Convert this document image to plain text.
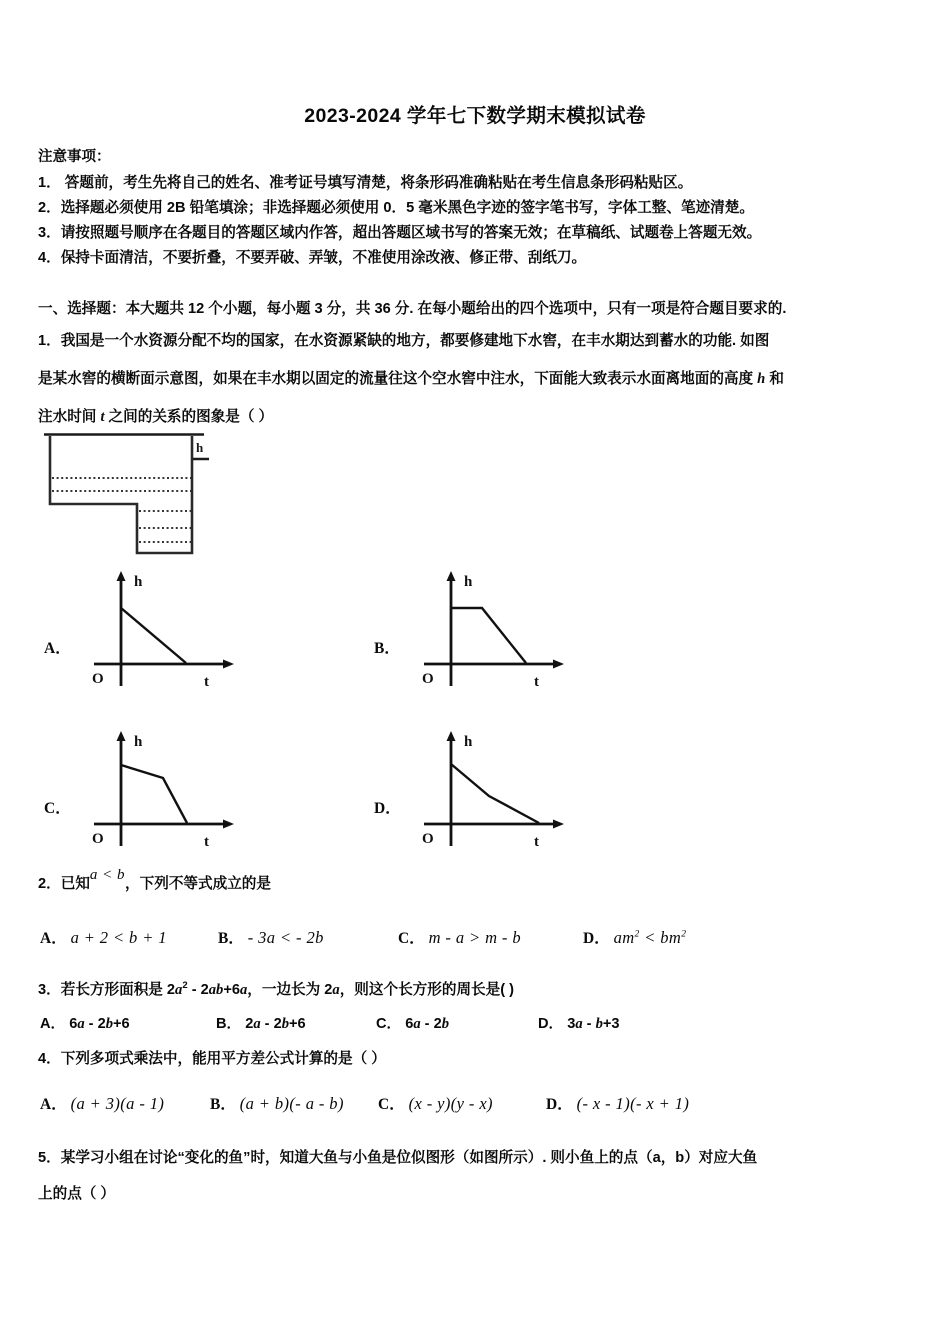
2023-2024 学年七下数学期末模拟试卷
注意事项：
1． 答题前，考生先将自己的姓名、准考证号填写清楚，将条形码准确粘贴在考生信息条形码粘贴区。
2．选择题必须使用 2B 铅笔填涂；非选择题必须使用 0．5 毫米黑色字迹的签字笔书写，字体工整、笔迹清楚。
3．请按照题号顺序在各题目的答题区域内作答，超出答题区域书写的答案无效；在草稿纸、试题卷上答题无效。
4．保持卡面清洁，不要折叠，不要弄破、弄皱，不准使用涂改液、修正带、刮纸刀。
一、选择题：本大题共 12 个小题，每小题 3 分，共 36 分. 在每小题给出的四个选项中，只有一项是符合题目要求的.
1．我国是一个水资源分配不均的国家，在水资源紧缺的地方，都要修建地下水窖，在丰水期达到蓄水的功能. 如图
是某水窖的横断面示意图，如果在丰水期以固定的流量往这个空水窖中注水，下面能大致表示水面离地面的高度 h 和
注水时间 t 之间的关系的图象是（ ）
h
A．
h
O	t
B．
h
O	t
C．
h
O	t
D．
h
O	t
2．已知a < b，下列不等式成立的是
A． a + 2 < b + 1	B． - 3a < - 2b	C． m - a > m - b	D． $am^2 < bm^2$
3．若长方形面积是 $2a^2 - 2ab+6a$，一边长为 2a，则这个长方形的周长是( )
A． 6a - 2b+6	B． 2a - 2b+6	C． 6a - 2b	D． 3a - b+3
4．下列多项式乘法中，能用平方差公式计算的是（ ）
A． (a + 3)(a - 1)	B． (a + b)(- a - b) C． (x - y)(y - x)	D． (- x - 1)(- x + 1)
5．某学习小组在讨论“变化的鱼”时，知道大鱼与小鱼是位似图形（如图所示）. 则小鱼上的点（a，b）对应大鱼
上的点（ ）
